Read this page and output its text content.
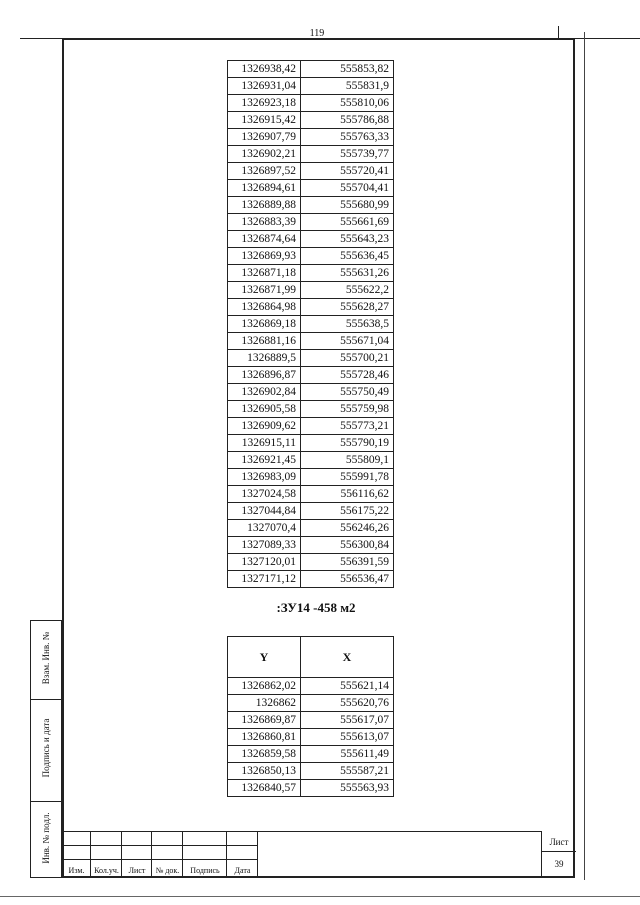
119
1326938,42	555853,82
1326931,04	555831,9
1326923,18	555810,06
1326915,42	555786,88
1326907,79	555763,33
1326902,21	555739,77
1326897,52	555720,41
1326894,61	555704,41
1326889,88	555680,99
1326883,39	555661,69
1326874,64	555643,23
1326869,93	555636,45
1326871,18	555631,26
1326871,99	555622,2
1326864,98	555628,27
1326869,18	555638,5
1326881,16	555671,04
1326889,5	555700,21
1326896,87	555728,46
1326902,84	555750,49
1326905,58	555759,98
1326909,62	555773,21
1326915,11	555790,19
1326921,45	555809,1
1326983,09	555991,78
1327024,58	556116,62
1327044,84	556175,22
1327070,4	556246,26
1327089,33	556300,84
1327120,01	556391,59
1327171,12	556536,47
:ЗУ14 -458 м2
Y	X
1326862,02	555621,14
1326862	555620,76
1326869,87	555617,07
1326860,81	555613,07
1326859,58	555611,49
1326850,13	555587,21
1326840,57	555563,93
Взам. Инв. №
Подпись и дата
Инв. № подл.
Изм.	Кол.уч.	Лист	№ док.	Подпись	Дата
Лист
39
